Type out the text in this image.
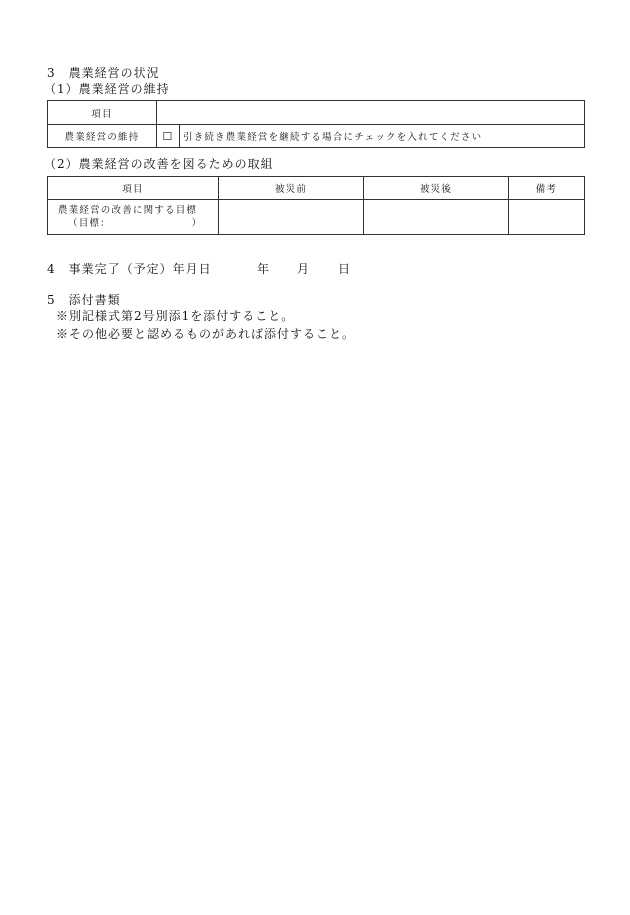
3　農業経営の状況
（1）農業経営の維持
項目		
農業経営の維持	☐	引き続き農業経営を継続する場合にチェックを入れてください
（2）農業経営の改善を図るための取組
項目	被災前	被災後	備考

農業経営の改善に関する目標
（目標：　　　　　　　　）			

4　事業完了（予定）年月日	年 月 日
5　添付書類
※別記様式第2号別添1を添付すること。
※その他必要と認めるものがあれば添付すること。
